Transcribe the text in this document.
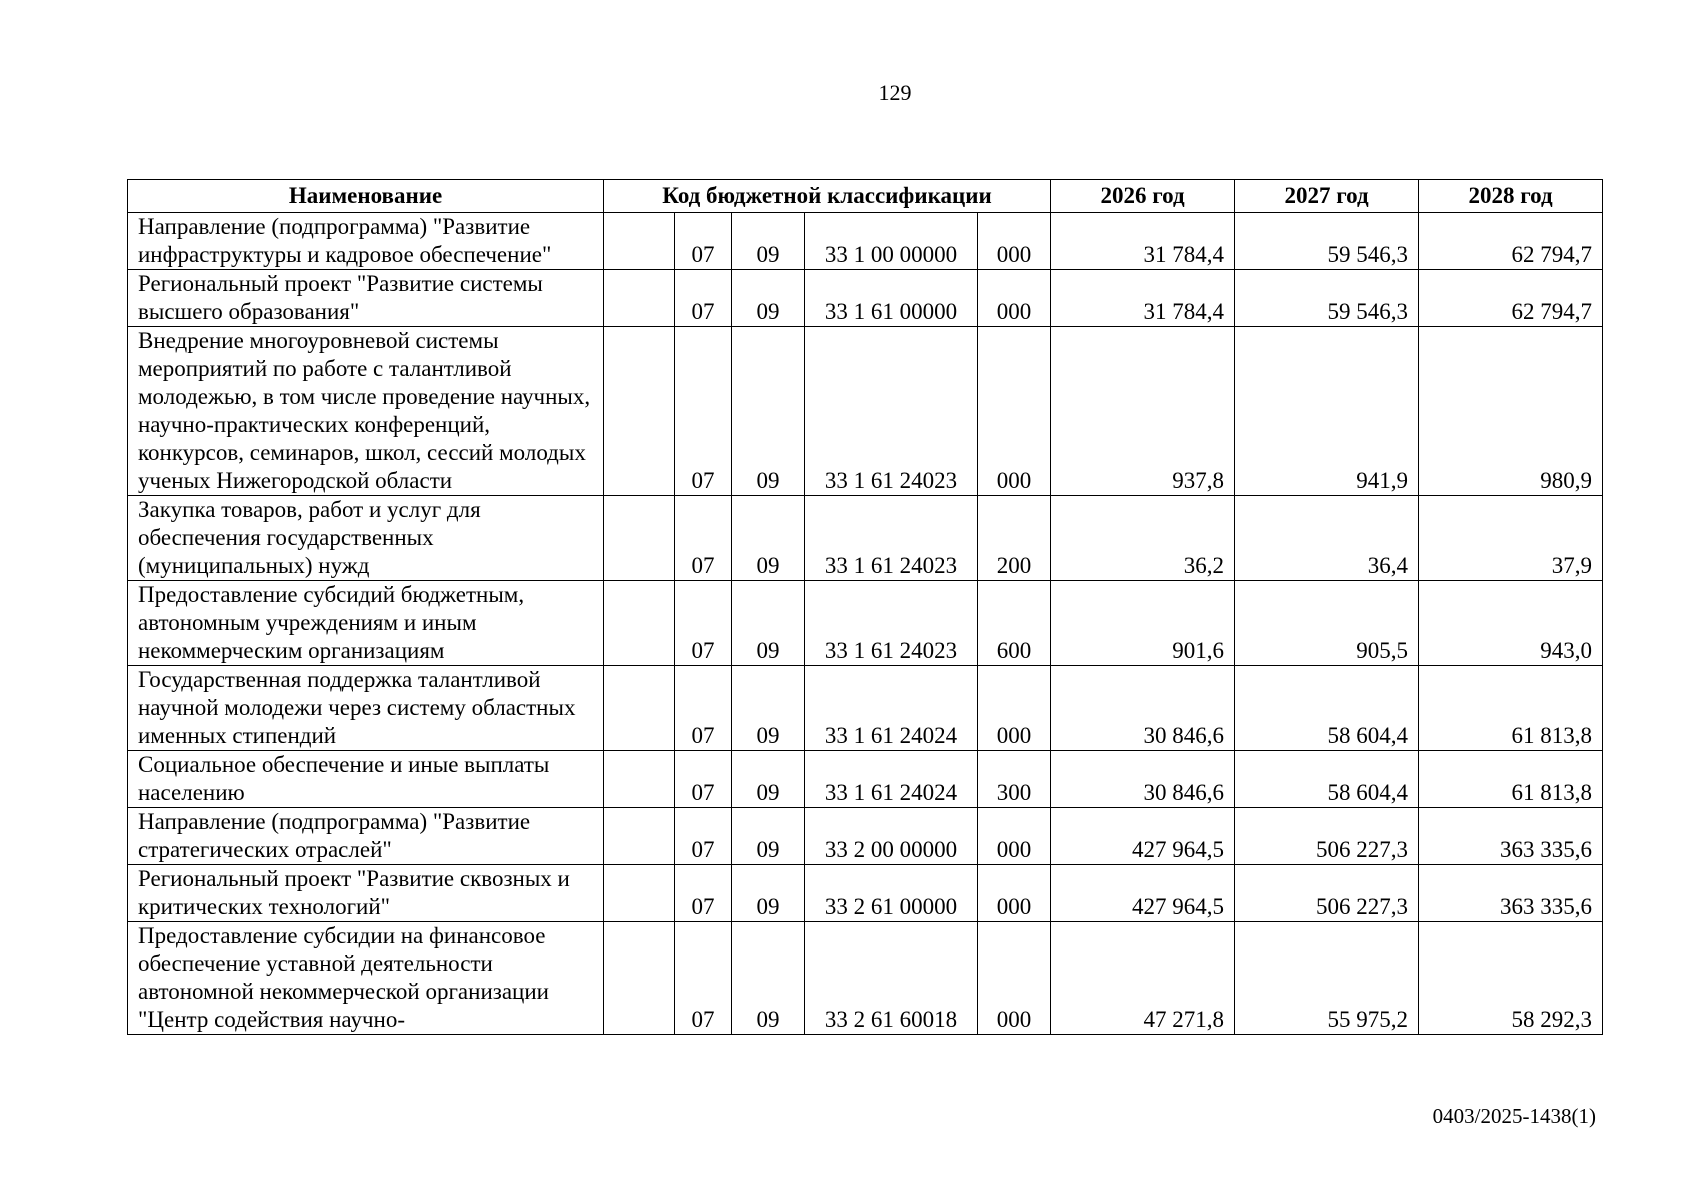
129
Наименование	Код бюджетной классификации					2026 год	2027 год	2028 год
Направление (подпрограмма) "Развитие инфраструктуры и кадровое обеспечение"		07	09	33 1 00 00000	000	31 784,4	59 546,3	62 794,7
Региональный проект "Развитие системы высшего образования"		07	09	33 1 61 00000	000	31 784,4	59 546,3	62 794,7
Внедрение многоуровневой системы мероприятий по работе с талантливой молодежью, в том числе проведение научных, научно-практических конференций, конкурсов, семинаров, школ, сессий молодых ученых Нижегородской области		07	09	33 1 61 24023	000	937,8	941,9	980,9
Закупка товаров, работ и услуг для обеспечения государственных (муниципальных) нужд		07	09	33 1 61 24023	200	36,2	36,4	37,9
Предоставление субсидий бюджетным, автономным учреждениям и иным некоммерческим организациям		07	09	33 1 61 24023	600	901,6	905,5	943,0
Государственная поддержка талантливой научной молодежи через систему областных именных стипендий		07	09	33 1 61 24024	000	30 846,6	58 604,4	61 813,8
Социальное обеспечение и иные выплаты населению		07	09	33 1 61 24024	300	30 846,6	58 604,4	61 813,8
Направление (подпрограмма) "Развитие стратегических отраслей"		07	09	33 2 00 00000	000	427 964,5	506 227,3	363 335,6
Региональный проект "Развитие сквозных и критических технологий"		07	09	33 2 61 00000	000	427 964,5	506 227,3	363 335,6
Предоставление субсидии на финансовое обеспечение уставной деятельности автономной некоммерческой организации "Центр содействия научно-		07	09	33 2 61 60018	000	47 271,8	55 975,2	58 292,3
0403/2025-1438(1)
